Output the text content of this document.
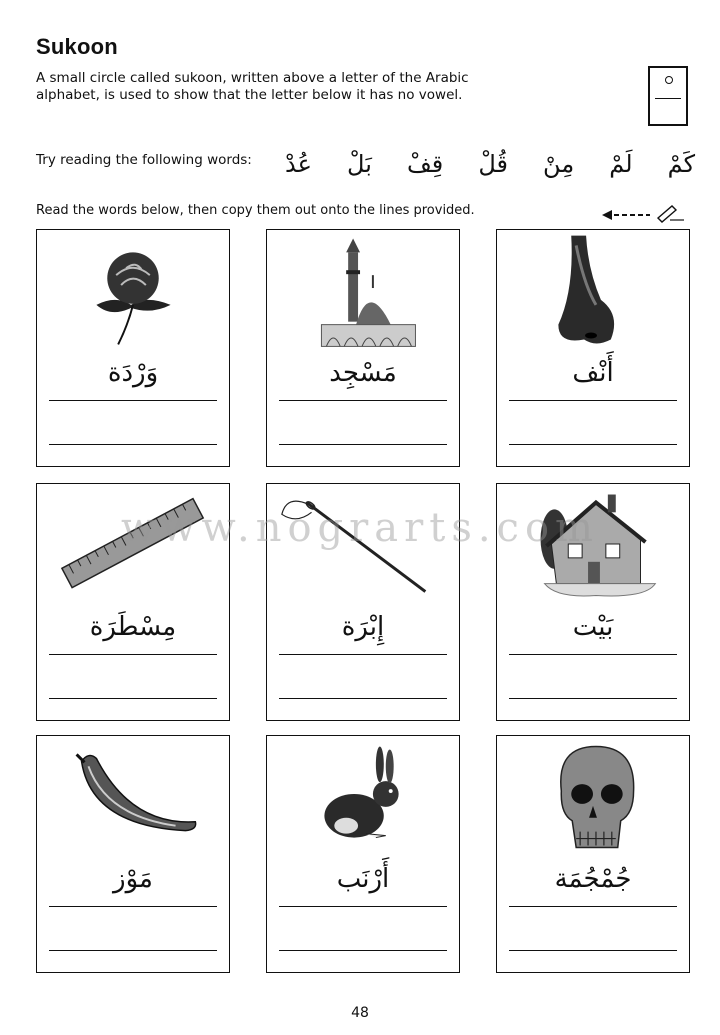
Sukoon
A small circle called sukoon, written above a letter of the Arabic
alphabet, is used to show that the letter below it has no vowel.
Try reading the following words:	كَمْ
لَمْ
مِنْ
قُلْ
قِفْ
بَلْ
عُدْ
Read the words below, then copy them out onto the lines provided.
وَرْدَة	مَسْجِد	أَنْف
مِسْطَرَة	إِبْرَة	بَيْت
مَوْز	أَرْنَب	جُمْجُمَة
www.nograrts.com
48
